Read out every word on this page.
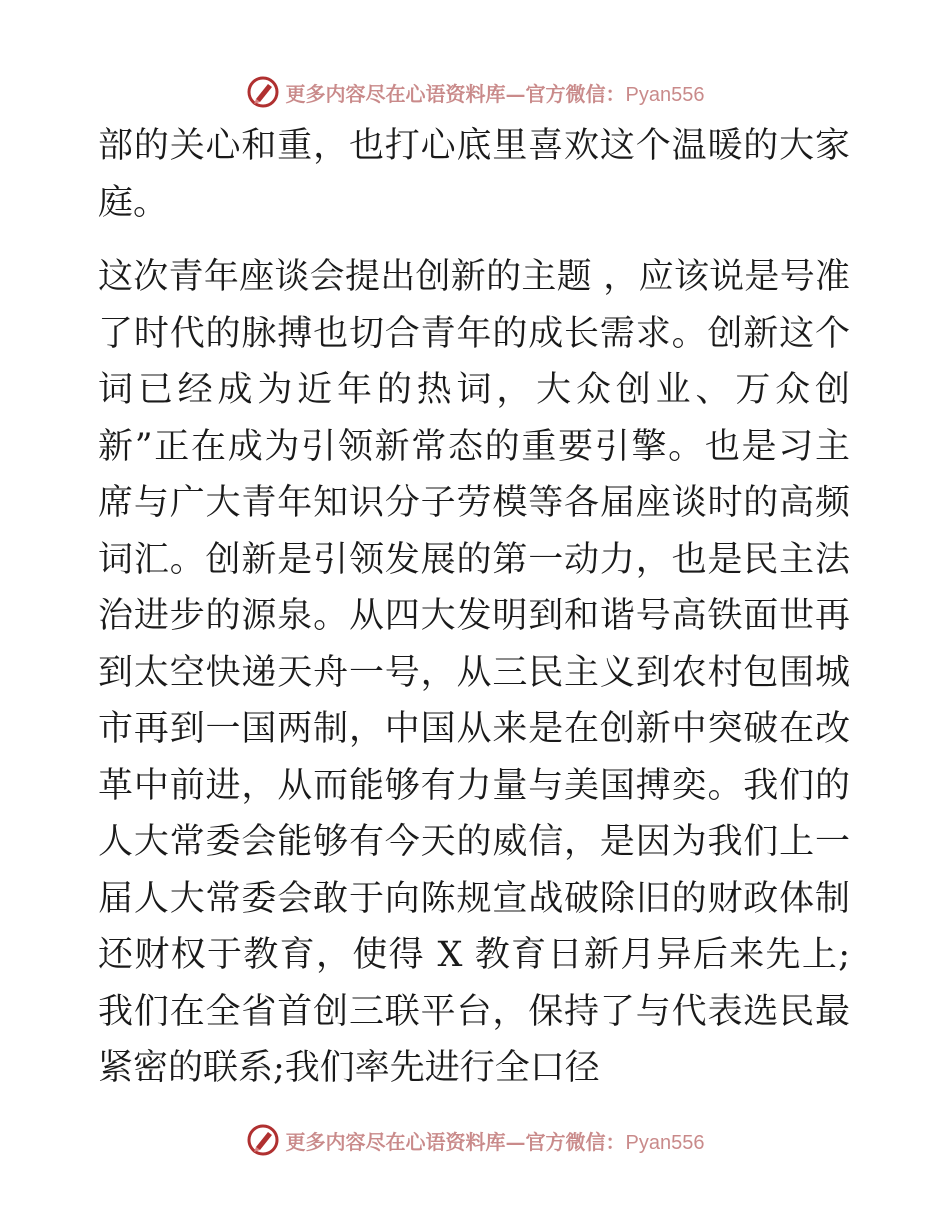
更多内容尽在心语资料库—官方微信：Pyan556

部的关心和重，也打心底里喜欢这个温暖的大家庭。

这次青年座谈会提出创新的主题 ，应该说是号准了时代的脉搏也切合青年的成长需求。创新这个词已经成为近年的热词，大众创业、万众创新”正在成为引领新常态的重要引擎。也是习主席与广大青年知识分子劳模等各届座谈时的高频词汇。创新是引领发展的第一动力，也是民主法治进步的源泉。从四大发明到和谐号高铁面世再到太空快递天舟一号，从三民主义到农村包围城市再到一国两制，中国从来是在创新中突破在改革中前进，从而能够有力量与美国搏奕。我们的人大常委会能够有今天的威信，是因为我们上一届人大常委会敢于向陈规宣战破除旧的财政体制还财权于教育，使得 X 教育日新月异后来先上;我们在全省首创三联平台，保持了与代表选民最紧密的联系;我们率先进行全口径

更多内容尽在心语资料库—官方微信：Pyan556
